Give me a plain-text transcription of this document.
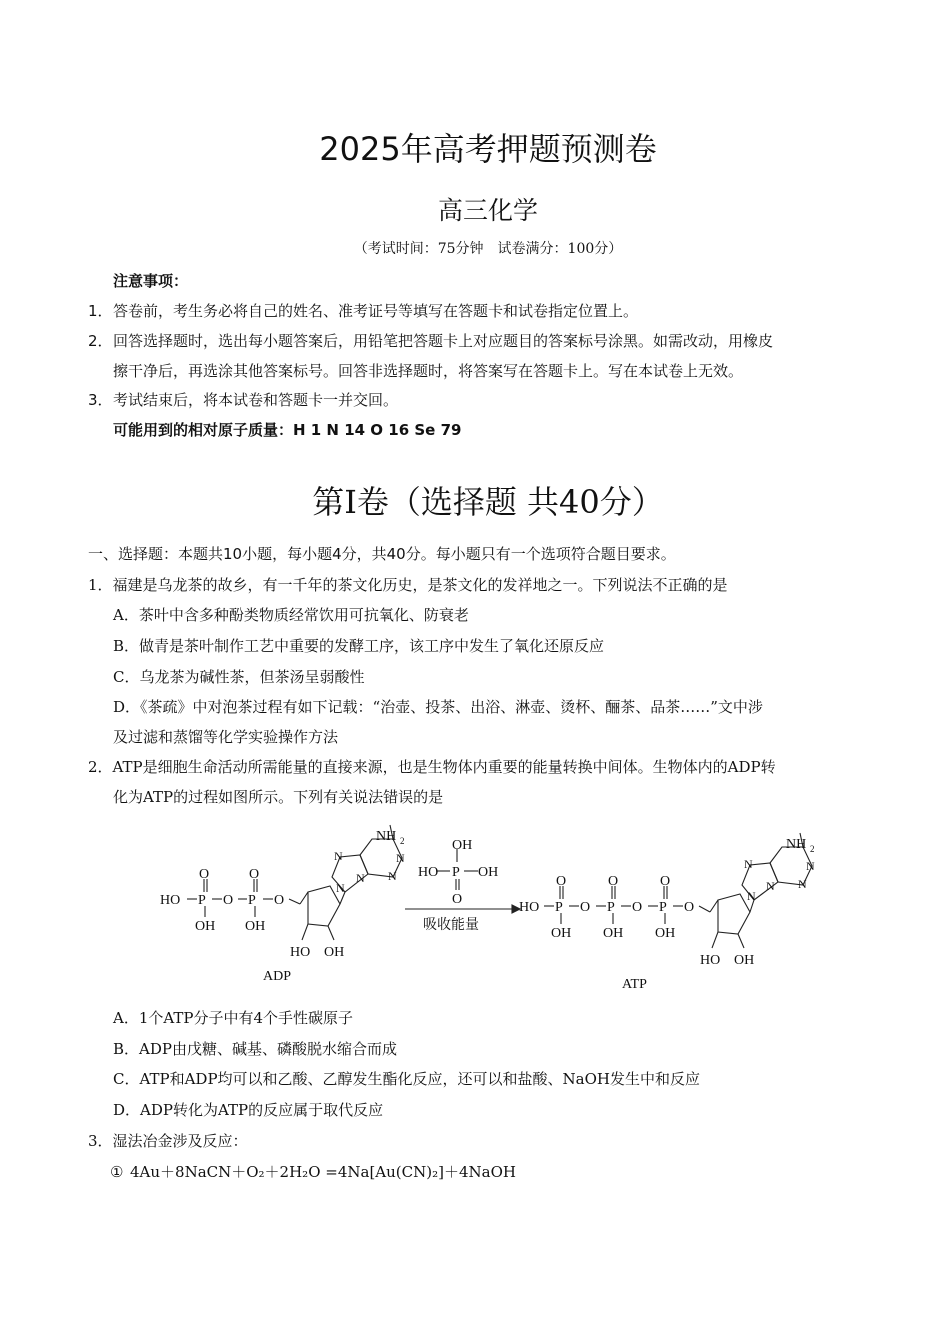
2025年高考押题预测卷
高三化学
（考试时间：75分钟　试卷满分：100分）
注意事项：
1． 答卷前，考生务必将自己的姓名、准考证号等填写在答题卡和试卷指定位置上。
2． 回答选择题时，选出每小题答案后，用铅笔把答题卡上对应题目的答案标号涂黑。如需改动，用橡皮
擦干净后，再选涂其他答案标号。回答非选择题时，将答案写在答题卡上。写在本试卷上无效。
3． 考试结束后，将本试卷和答题卡一并交回。
可能用到的相对原子质量：H 1 N 14 O 16 Se 79
第Ⅰ卷（选择题 共40分）
一、选择题：本题共10小题，每小题4分，共40分。每小题只有一个选项符合题目要求。
1．福建是乌龙茶的故乡，有一千年的茶文化历史，是茶文化的发祥地之一。下列说法不正确的是
A．茶叶中含多种酚类物质经常饮用可抗氧化、防衰老
B．做青是茶叶制作工艺中重要的发酵工序，该工序中发生了氧化还原反应
C．乌龙茶为碱性茶，但茶汤呈弱酸性
D．《茶疏》中对泡茶过程有如下记载：“治壶、投茶、出浴、淋壶、烫杯、酾茶、品茶……”文中涉
及过滤和蒸馏等化学实验操作方法
2．ATP是细胞生命活动所需能量的直接来源，也是生物体内重要的能量转换中间体。生物体内的ADP转
化为ATP的过程如图所示。下列有关说法错误的是
HO P O P O
O	O
OH OH
HO OH
NH 2
ADP
吸收能量
OH
HO P OH
O
HO P O P O P O
O	O	O
OH OH OH
HO OH
NH 2
ATP
N
N
N
N
N
N
N
N
N
N
A．1个ATP分子中有4个手性碳原子
B．ADP由戊糖、碱基、磷酸脱水缩合而成
C．ATP和ADP均可以和乙酸、乙醇发生酯化反应，还可以和盐酸、NaOH发生中和反应
D．ADP转化为ATP的反应属于取代反应
3．湿法冶金涉及反应：
① 4Au＋8NaCN＋O₂＋2H₂O =4Na[Au(CN)₂]＋4NaOH
